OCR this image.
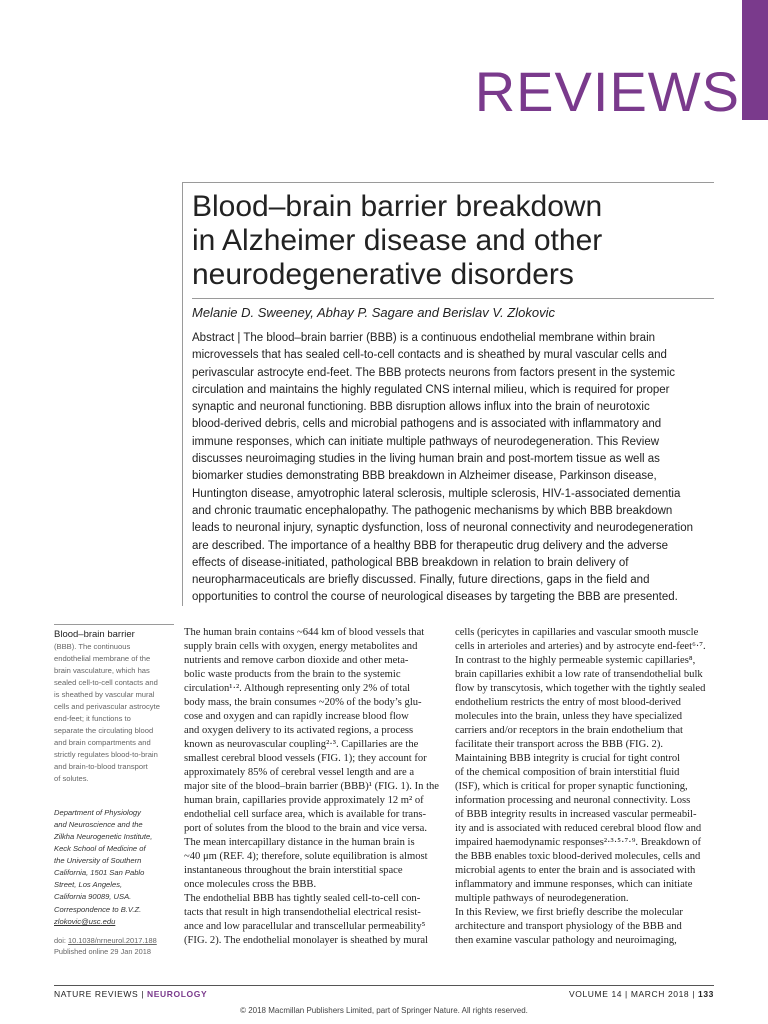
REVIEWS
Blood–brain barrier breakdown
in Alzheimer disease and other
neurodegenerative disorders
Melanie D. Sweeney, Abhay P. Sagare and Berislav V. Zlokovic
Abstract | The blood–brain barrier (BBB) is a continuous endothelial membrane within brain
microvessels that has sealed cell-to-cell contacts and is sheathed by mural vascular cells and
perivascular astrocyte end-feet. The BBB protects neurons from factors present in the systemic
circulation and maintains the highly regulated CNS internal milieu, which is required for proper
synaptic and neuronal functioning. BBB disruption allows influx into the brain of neurotoxic
blood-derived debris, cells and microbial pathogens and is associated with inflammatory and
immune responses, which can initiate multiple pathways of neurodegeneration. This Review
discusses neuroimaging studies in the living human brain and post-mortem tissue as well as
biomarker studies demonstrating BBB breakdown in Alzheimer disease, Parkinson disease,
Huntington disease, amyotrophic lateral sclerosis, multiple sclerosis, HIV-1-associated dementia
and chronic traumatic encephalopathy. The pathogenic mechanisms by which BBB breakdown
leads to neuronal injury, synaptic dysfunction, loss of neuronal connectivity and neurodegeneration
are described. The importance of a healthy BBB for therapeutic drug delivery and the adverse
effects of disease-initiated, pathological BBB breakdown in relation to brain delivery of
neuropharmaceuticals are briefly discussed. Finally, future directions, gaps in the field and
opportunities to control the course of neurological diseases by targeting the BBB are presented.
Blood–brain barrier
(BBB). The continuous
endothelial membrane of the
brain vasculature, which has
sealed cell-to-cell contacts and
is sheathed by vascular mural
cells and perivascular astrocyte
end-feet; it functions to
separate the circulating blood
and brain compartments and
strictly regulates blood-to-brain
and brain-to-blood transport
of solutes.
Department of Physiology
and Neuroscience and the
Zilkha Neurogenetic Institute,
Keck School of Medicine of
the University of Southern
California, 1501 San Pablo
Street, Los Angeles,
California 90089, USA.
Correspondence to B.V.Z.
zlokovic@usc.edu
doi: 10.1038/nrneurol.2017.188
Published online 29 Jan 2018
The human brain contains ~644 km of blood vessels that
supply brain cells with oxygen, energy metabolites and
nutrients and remove carbon dioxide and other meta-
bolic waste products from the brain to the systemic
circulation¹·². Although representing only 2% of total
body mass, the brain consumes ~20% of the body’s glu-
cose and oxygen and can rapidly increase blood flow
and oxygen delivery to its activated regions, a process
known as neurovascular coupling²·³. Capillaries are the
smallest cerebral blood vessels (FIG. 1); they account for
approximately 85% of cerebral vessel length and are a
major site of the blood–brain barrier (BBB)¹ (FIG. 1). In the
human brain, capillaries provide approximately 12 m² of
endothelial cell surface area, which is available for trans-
port of solutes from the blood to the brain and vice versa.
The mean intercapillary distance in the human brain is
~40 μm (REF. 4); therefore, solute equilibration is almost
instantaneous throughout the brain interstitial space
once molecules cross the BBB.
The endothelial BBB has tightly sealed cell-to-cell con-
tacts that result in high transendothelial electrical resist-
ance and low paracellular and transcellular permeability⁵
(FIG. 2). The endothelial monolayer is sheathed by mural
cells (pericytes in capillaries and vascular smooth muscle
cells in arterioles and arteries) and by astrocyte end-feet⁶·⁷.
In contrast to the highly permeable systemic capillaries⁸,
brain capillaries exhibit a low rate of transendothelial bulk
flow by transcytosis, which together with the tightly sealed
endothelium restricts the entry of most blood-derived
molecules into the brain, unless they have specialized
carriers and/or receptors in the brain endothelium that
facilitate their transport across the BBB (FIG. 2).
Maintaining BBB integrity is crucial for tight control
of the chemical composition of brain interstitial fluid
(ISF), which is critical for proper synaptic functioning,
information processing and neuronal connectivity. Loss
of BBB integrity results in increased vascular permeabil-
ity and is associated with reduced cerebral blood flow and
impaired haemodynamic responses²·³·⁵·⁷·⁹. Breakdown of
the BBB enables toxic blood-derived molecules, cells and
microbial agents to enter the brain and is associated with
inflammatory and immune responses, which can initiate
multiple pathways of neurodegeneration.
In this Review, we first briefly describe the molecular
architecture and transport physiology of the BBB and
then examine vascular pathology and neuroimaging,
NATURE REVIEWS | NEUROLOGY	VOLUME 14 | MARCH 2018 | 133
© 2018 Macmillan Publishers Limited, part of Springer Nature. All rights reserved.
